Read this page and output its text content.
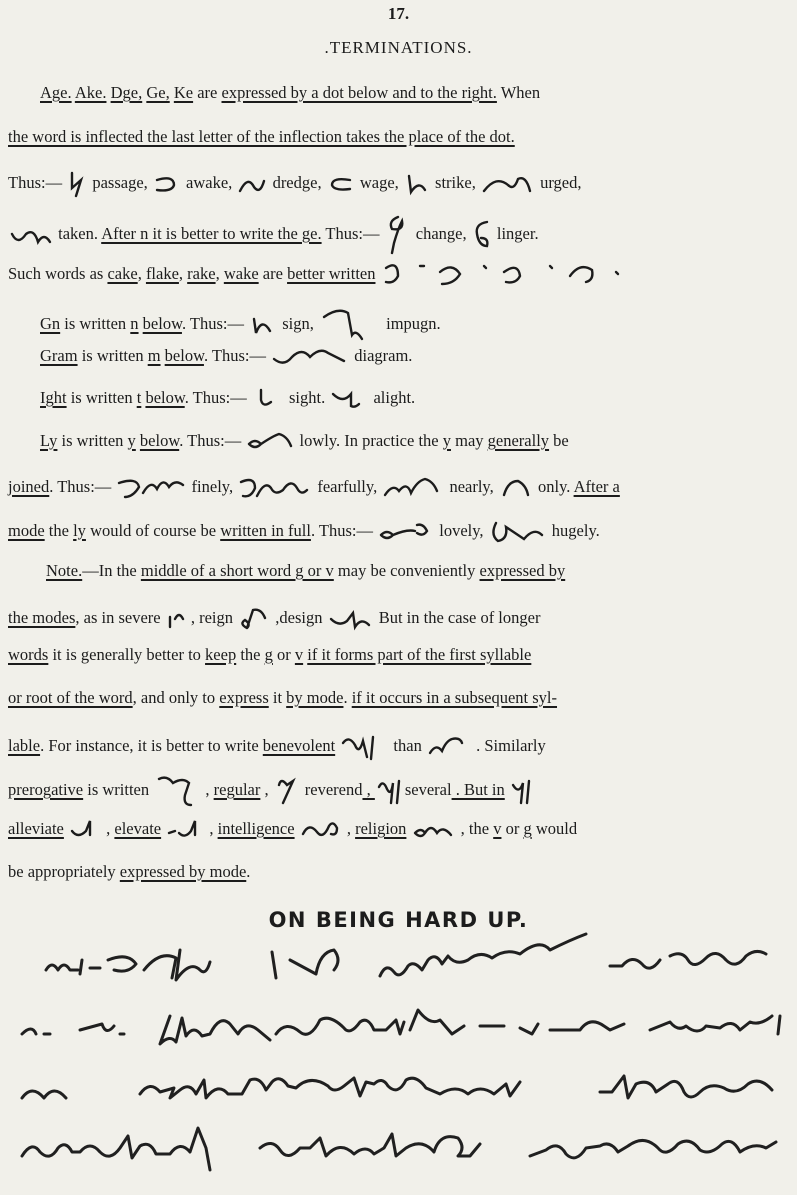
17.
.TERMINATIONS.
Age. Ake. Dge, Ge, Ke are expressed by a dot below and to the right. When
the word is inflected the last letter of the inflection takes the place of the dot.
Thus:—  passage,  awake,  dredge,  wage,  strike,	urged,
taken. After n it is better to write the ge. Thus:—  change,  linger.
Such words as cake, flake, rake, wake are better written
Gn is written n below. Thus:—  sign,	impugn.
Gram is written m below. Thus:—	diagram.
Ight is written t below. Thus:—  sight.	alight.
Ly is written y below. Thus:—	lowly. In practice the y may generally be
joined. Thus:—	finely,	fearfully,	nearly,  only. After a
mode the ly would of course be written in full. Thus:—	lovely,	hugely.
Note.—In the middle of a short word g or v may be conveniently expressed by
the modes, as in severe  , reign  ,design	But in the case of longer
words it is generally better to keep the g or v if it forms part of the first syllable
or root of the word, and only to express it by mode. if it occurs in a subsequent syl-
lable. For instance, it is better to write benevolent	than	. Similarly
prerogative is written	, regular , reverend , several . But in
alleviate  , elevate	, intelligence	, religion	, the v or g would
be appropriately expressed by mode.
ON BEING HARD UP.
